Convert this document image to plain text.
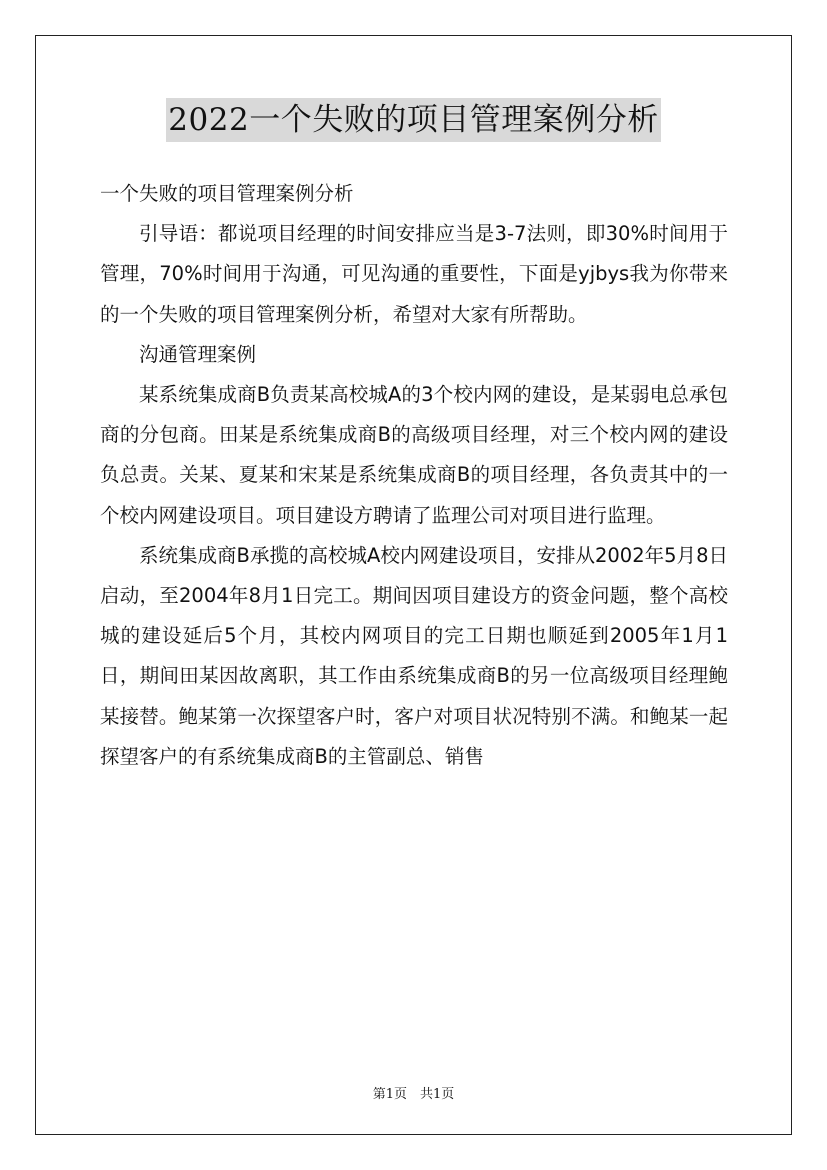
2022一个失败的项目管理案例分析

一个失败的项目管理案例分析

引导语：都说项目经理的时间安排应当是3-7法则，即30%时间用于管理，70%时间用于沟通，可见沟通的重要性，下面是yjbys我为你带来的一个失败的项目管理案例分析，希望对大家有所帮助。

沟通管理案例

某系统集成商B负责某高校城A的3个校内网的建设，是某弱电总承包商的分包商。田某是系统集成商B的高级项目经理，对三个校内网的建设负总责。关某、夏某和宋某是系统集成商B的项目经理，各负责其中的一个校内网建设项目。项目建设方聘请了监理公司对项目进行监理。

系统集成商B承揽的高校城A校内网建设项目，安排从2002年5月8日启动，至2004年8月1日完工。期间因项目建设方的资金问题，整个高校城的建设延后5个月，其校内网项目的完工日期也顺延到2005年1月1日，期间田某因故离职，其工作由系统集成商B的另一位高级项目经理鲍某接替。鲍某第一次探望客户时，客户对项目状况特别不满。和鲍某一起探望客户的有系统集成商B的主管副总、销售

第1页　共1页
